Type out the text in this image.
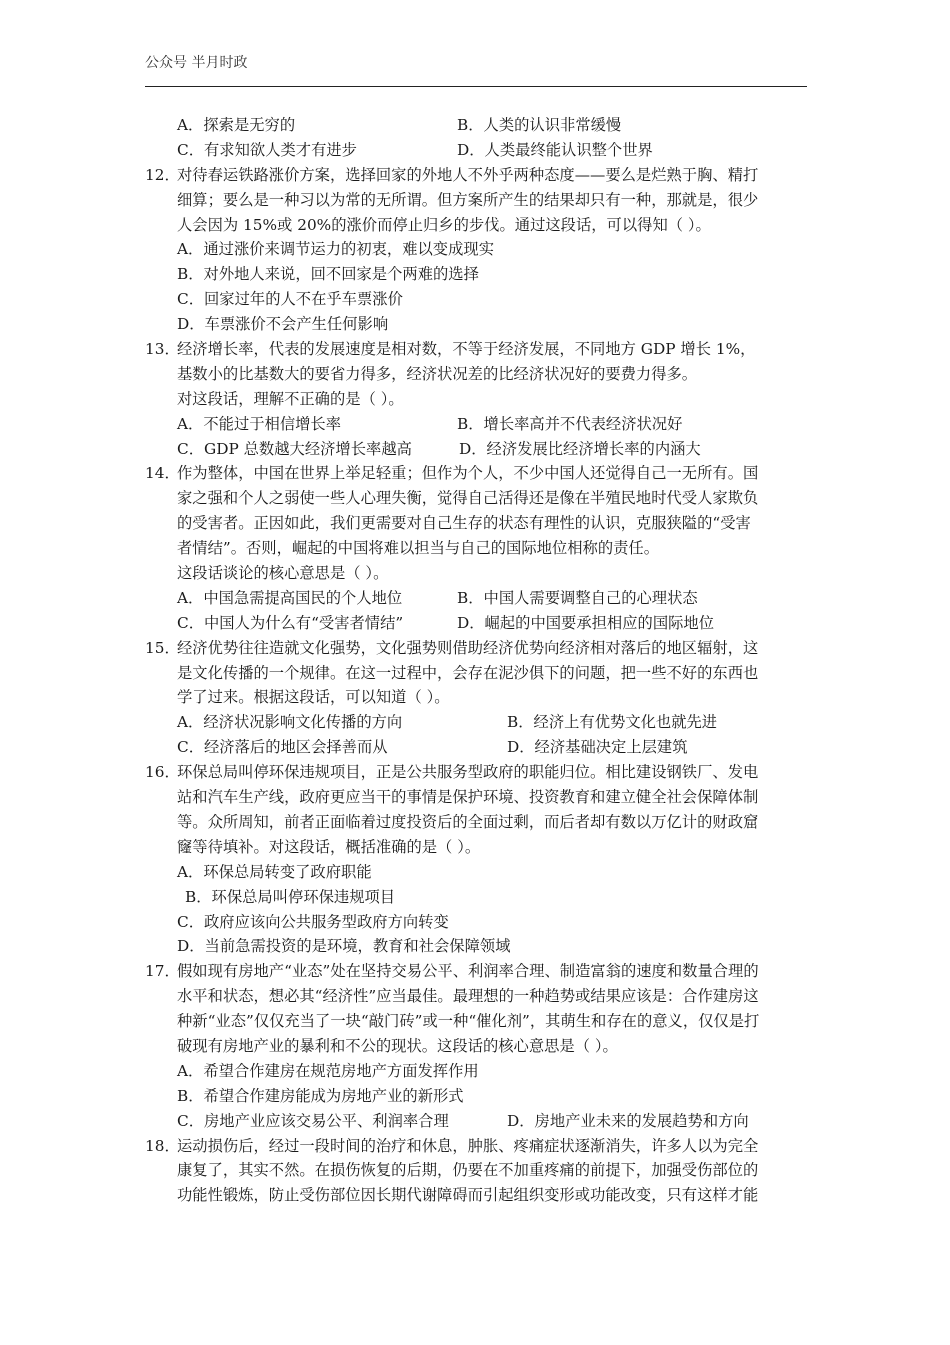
公众号 半月时政
A．探索是无穷的	B．人类的认识非常缓慢
C．有求知欲人类才有进步	D．人类最终能认识整个世界
12．
对待春运铁路涨价方案，选择回家的外地人不外乎两种态度——要么是烂熟于胸、精打
细算；要么是一种习以为常的无所谓。但方案所产生的结果却只有一种，那就是，很少
人会因为 15%或 20%的涨价而停止归乡的步伐。通过这段话，可以得知（ ）。
A．通过涨价来调节运力的初衷，难以变成现实
B．对外地人来说，回不回家是个两难的选择
C．回家过年的人不在乎车票涨价
D．车票涨价不会产生任何影响
13．
经济增长率，代表的发展速度是相对数，不等于经济发展，不同地方 GDP 增长 1%，
基数小的比基数大的要省力得多，经济状况差的比经济状况好的要费力得多。
对这段话，理解不正确的是（ ）。
A．不能过于相信增长率	B．增长率高并不代表经济状况好
C．GDP 总数越大经济增长率越高	D．经济发展比经济增长率的内涵大
14．
作为整体，中国在世界上举足轻重；但作为个人，不少中国人还觉得自己一无所有。国
家之强和个人之弱使一些人心理失衡，觉得自己活得还是像在半殖民地时代受人家欺负
的受害者。正因如此，我们更需要对自己生存的状态有理性的认识，克服狭隘的“受害
者情结”。否则，崛起的中国将难以担当与自己的国际地位相称的责任。
这段话谈论的核心意思是（ ）。
A．中国急需提高国民的个人地位	B．中国人需要调整自己的心理状态
C．中国人为什么有“受害者情结”	D．崛起的中国要承担相应的国际地位
15．
经济优势往往造就文化强势，文化强势则借助经济优势向经济相对落后的地区辐射，这
是文化传播的一个规律。在这一过程中，会存在泥沙俱下的问题，把一些不好的东西也
学了过来。根据这段话，可以知道（ ）。
A．经济状况影响文化传播的方向	B．经济上有优势文化也就先进
C．经济落后的地区会择善而从	D．经济基础决定上层建筑
16．
环保总局叫停环保违规项目，正是公共服务型政府的职能归位。相比建设钢铁厂、发电
站和汽车生产线，政府更应当干的事情是保护环境、投资教育和建立健全社会保障体制
等。众所周知，前者正面临着过度投资后的全面过剩，而后者却有数以万亿计的财政窟
窿等待填补。对这段话，概括准确的是（ ）。
A．环保总局转变了政府职能
B．环保总局叫停环保违规项目
C．政府应该向公共服务型政府方向转变
D．当前急需投资的是环境，教育和社会保障领域
17．
假如现有房地产“业态”处在坚持交易公平、利润率合理、制造富翁的速度和数量合理的
水平和状态，想必其“经济性”应当最佳。最理想的一种趋势或结果应该是：合作建房这
种新“业态”仅仅充当了一块“敲门砖”或一种“催化剂”，其萌生和存在的意义，仅仅是打
破现有房地产业的暴利和不公的现状。这段话的核心意思是（ ）。
A．希望合作建房在规范房地产方面发挥作用
B．希望合作建房能成为房地产业的新形式
C．房地产业应该交易公平、利润率合理	D．房地产业未来的发展趋势和方向
18．
运动损伤后，经过一段时间的治疗和休息，肿胀、疼痛症状逐渐消失，许多人以为完全
康复了，其实不然。在损伤恢复的后期，仍要在不加重疼痛的前提下，加强受伤部位的
功能性锻炼，防止受伤部位因长期代谢障碍而引起组织变形或功能改变，只有这样才能
